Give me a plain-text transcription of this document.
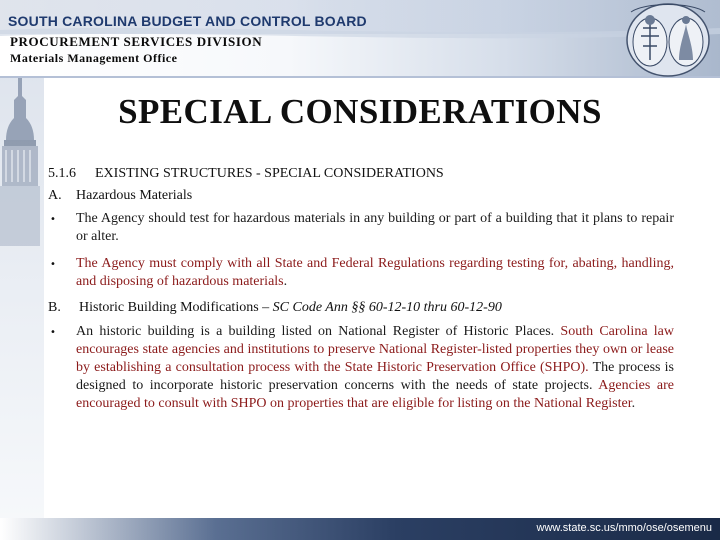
SOUTH CAROLINA BUDGET AND CONTROL BOARD
PROCUREMENT SERVICES DIVISION
Materials Management Office
SPECIAL CONSIDERATIONS
5.1.6 EXISTING STRUCTURES - SPECIAL CONSIDERATIONS
A. Hazardous Materials
• The Agency should test for hazardous materials in any building or part of a building that it plans to repair or alter.
• The Agency must comply with all State and Federal Regulations regarding testing for, abating, handling, and disposing of hazardous materials.
B. Historic Building Modifications – SC Code Ann §§ 60-12-10 thru 60-12-90
• An historic building is a building listed on National Register of Historic Places. South Carolina law encourages state agencies and institutions to preserve National Register-listed properties they own or lease by establishing a consultation process with the State Historic Preservation Office (SHPO). The process is designed to incorporate historic preservation concerns with the needs of state projects. Agencies are encouraged to consult with SHPO on properties that are eligible for listing on the National Register.
www.state.sc.us/mmo/ose/osemenu
